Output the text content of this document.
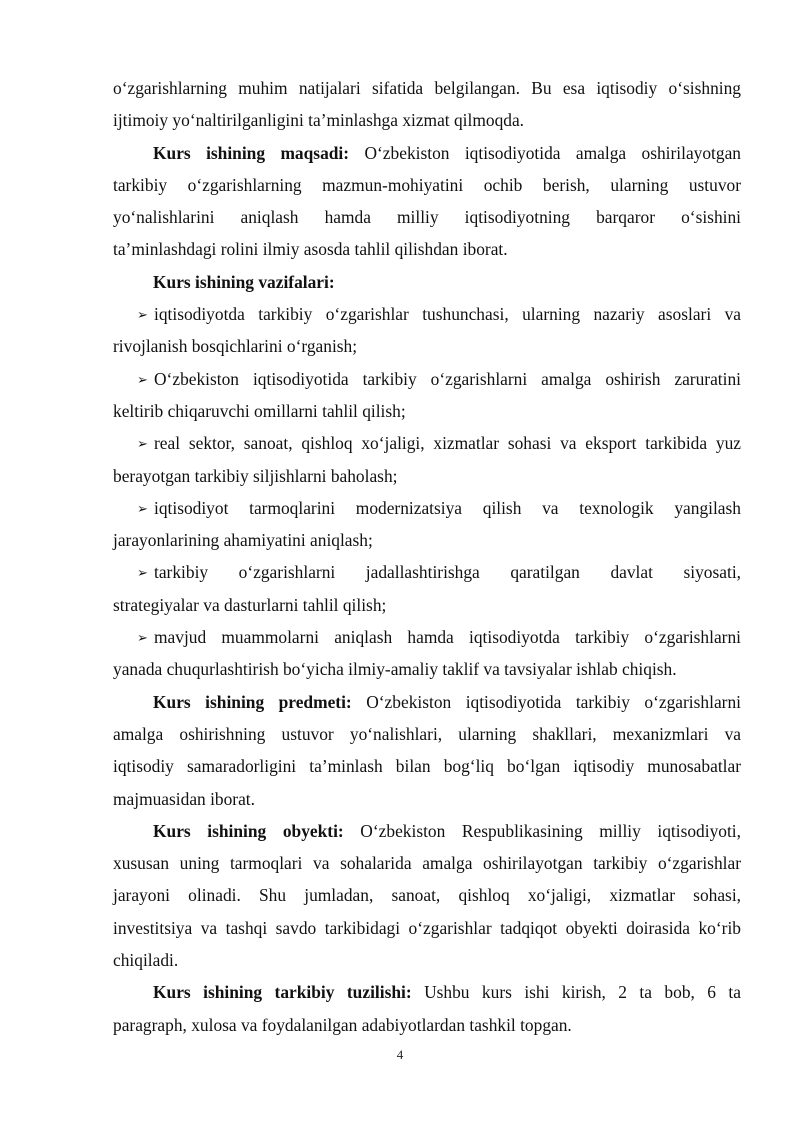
o‘zgarishlarning muhim natijalari sifatida belgilangan. Bu esa iqtisodiy o‘sishning
ijtimoiy yo‘naltirilganligini ta’minlashga xizmat qilmoqda.
Kurs ishining maqsadi: O‘zbekiston iqtisodiyotida amalga oshirilayotgan
tarkibiy o‘zgarishlarning mazmun-mohiyatini ochib berish, ularning ustuvor
yo‘nalishlarini aniqlash hamda milliy iqtisodiyotning barqaror o‘sishini
ta’minlashdagi rolini ilmiy asosda tahlil qilishdan iborat.
Kurs ishining vazifalari:
➢ iqtisodiyotda tarkibiy o‘zgarishlar tushunchasi, ularning nazariy asoslari va
rivojlanish bosqichlarini o‘rganish;
➢ O‘zbekiston iqtisodiyotida tarkibiy o‘zgarishlarni amalga oshirish zaruratini
keltirib chiqaruvchi omillarni tahlil qilish;
➢ real sektor, sanoat, qishloq xo‘jaligi, xizmatlar sohasi va eksport tarkibida yuz
berayotgan tarkibiy siljishlarni baholash;
➢ iqtisodiyot tarmoqlarini modernizatsiya qilish va texnologik yangilash
jarayonlarining ahamiyatini aniqlash;
➢ tarkibiy o‘zgarishlarni jadallashtirishga qaratilgan davlat siyosati,
strategiyalar va dasturlarni tahlil qilish;
➢ mavjud muammolarni aniqlash hamda iqtisodiyotda tarkibiy o‘zgarishlarni
yanada chuqurlashtirish bo‘yicha ilmiy-amaliy taklif va tavsiyalar ishlab chiqish.
Kurs ishining predmeti: O‘zbekiston iqtisodiyotida tarkibiy o‘zgarishlarni
amalga oshirishning ustuvor yo‘nalishlari, ularning shakllari, mexanizmlari va
iqtisodiy samaradorligini ta’minlash bilan bog‘liq bo‘lgan iqtisodiy munosabatlar
majmuasidan iborat.
Kurs ishining obyekti: O‘zbekiston Respublikasining milliy iqtisodiyoti,
xususan uning tarmoqlari va sohalarida amalga oshirilayotgan tarkibiy o‘zgarishlar
jarayoni olinadi. Shu jumladan, sanoat, qishloq xo‘jaligi, xizmatlar sohasi,
investitsiya va tashqi savdo tarkibidagi o‘zgarishlar tadqiqot obyekti doirasida ko‘rib
chiqiladi.
Kurs ishining tarkibiy tuzilishi: Ushbu kurs ishi kirish, 2 ta bob, 6 ta
paragraph, xulosa va foydalanilgan adabiyotlardan tashkil topgan.
4
